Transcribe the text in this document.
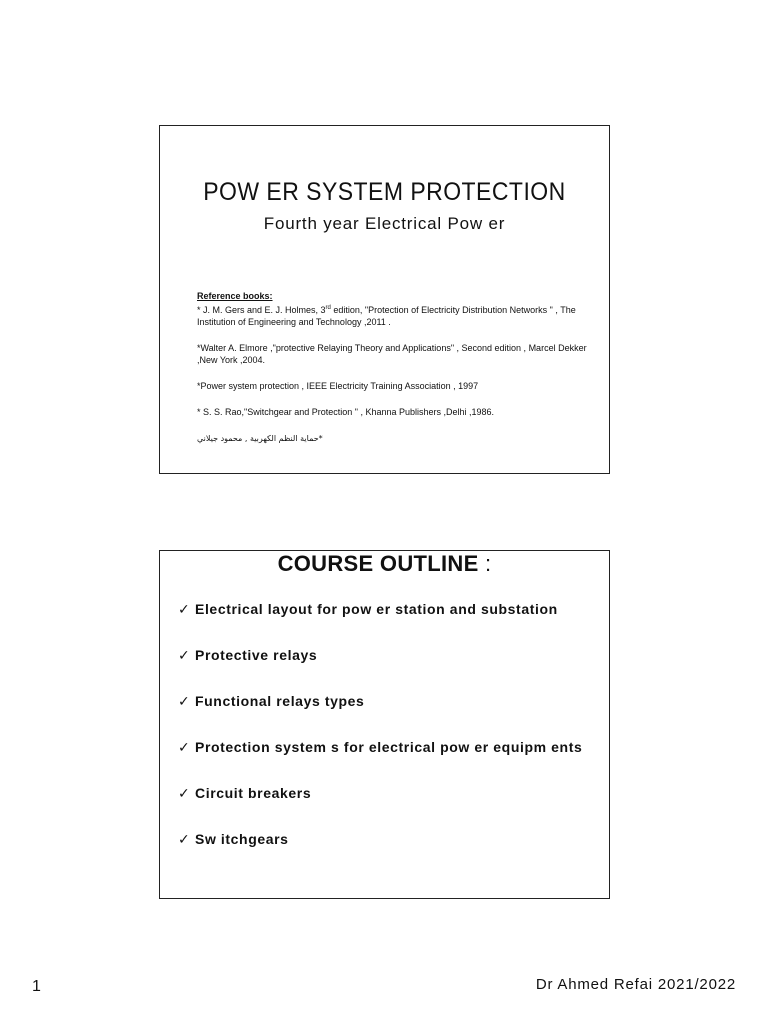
POW ER SYSTEM PROTECTION
Fourth year Electrical Pow er
Reference books:
* J. M. Gers and E. J. Holmes, 3rd edition, "Protection of Electricity Distribution Networks " , The Institution of Engineering and Technology ,2011 .
*Walter A. Elmore ,"protective Relaying Theory and Applications" , Second edition , Marcel Dekker ,New York ,2004.
*Power system protection , IEEE Electricity Training Association , 1997
* S. S. Rao,"Switchgear and Protection " , Khanna Publishers ,Delhi ,1986.
*حماية النظم الكهربية , محمود جيلاني
COURSE OUTLINE :
✓ Electrical layout for pow er station and substation
✓ Protective relays
✓ Functional relays types
✓ Protection system s for electrical pow er equipm ents
✓ Circuit breakers
✓ Sw itchgears
1	Dr Ahmed Refai 2021/2022
